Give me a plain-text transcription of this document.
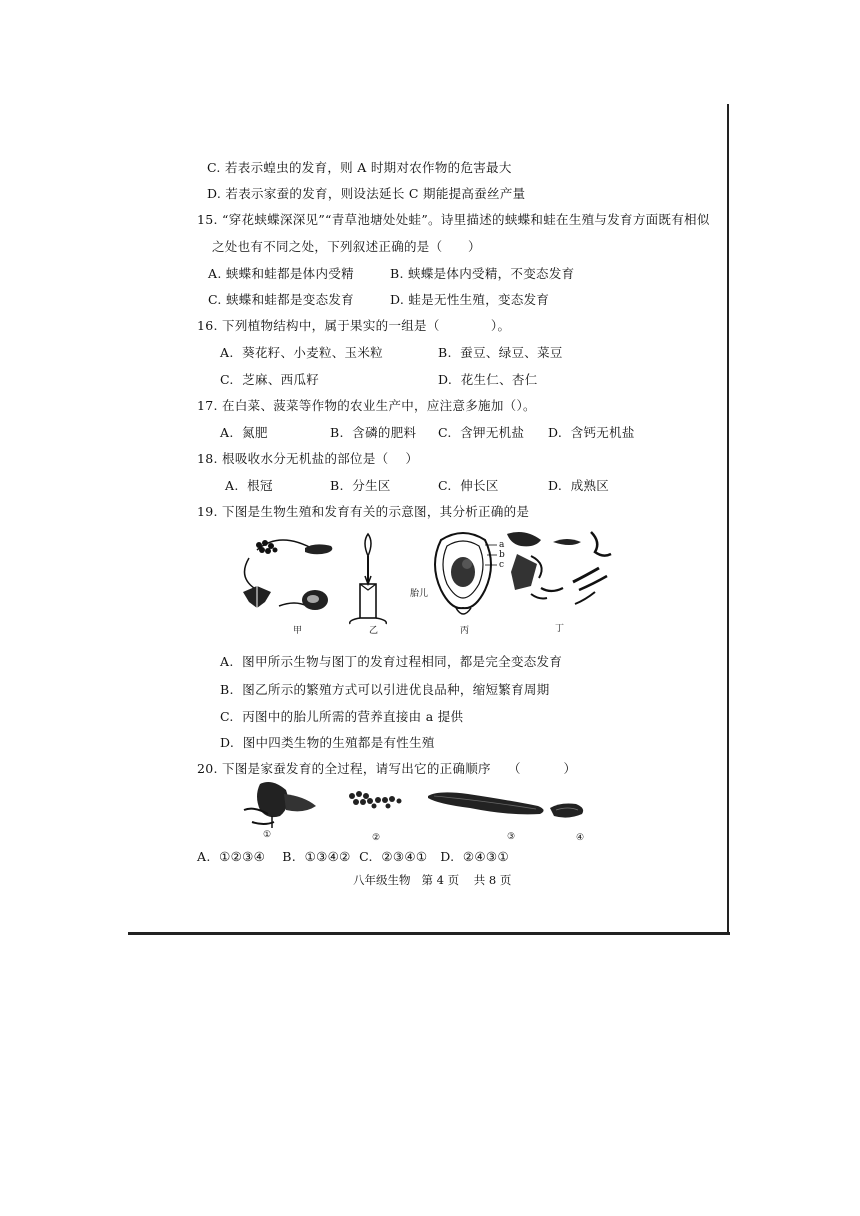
C. 若表示蝗虫的发育，则 A 时期对农作物的危害最大
D. 若表示家蚕的发育，则设法延长 C 期能提高蚕丝产量
15. “穿花蛱蝶深深见”“青草池塘处处蛙”。诗里描述的蛱蝶和蛙在生殖与发育方面既有相似
之处也有不同之处，下列叙述正确的是（      ）
A. 蛱蝶和蛙都是体内受精	B. 蛱蝶是体内受精，不变态发育
C. 蛱蝶和蛙都是变态发育	D. 蛙是无性生殖，变态发育
16. 下列植物结构中，属于果实的一组是（            ）。
A.  葵花籽、小麦粒、玉米粒	B.  蚕豆、绿豆、菜豆
C.  芝麻、西瓜籽	D.  花生仁、杏仁
17. 在白菜、菠菜等作物的农业生产中，应注意多施加（）。
A.  氮肥	B.  含磷的肥料 C.  含钾无机盐 D.  含钙无机盐
18. 根吸收水分无机盐的部位是（    ）
A.  根冠	B.  分生区	C.  伸长区	D.  成熟区
19. 下图是生物生殖和发育有关的示意图，其分析正确的是
甲	乙	丙	丁
a
b
c
胎儿
A.  图甲所示生物与图丁的发育过程相同，都是完全变态发育
B.  图乙所示的繁殖方式可以引进优良品种，缩短繁育周期
C.  丙图中的胎儿所需的营养直接由 a 提供
D.  图中四类生物的生殖都是有性生殖
20. 下图是家蚕发育的全过程，请写出它的正确顺序    （          ）
①	②	③	④
A.  ①②③④    B.  ①③④②  C.  ②③④①   D.  ②④③①
八年级生物   第 4 页    共 8 页
